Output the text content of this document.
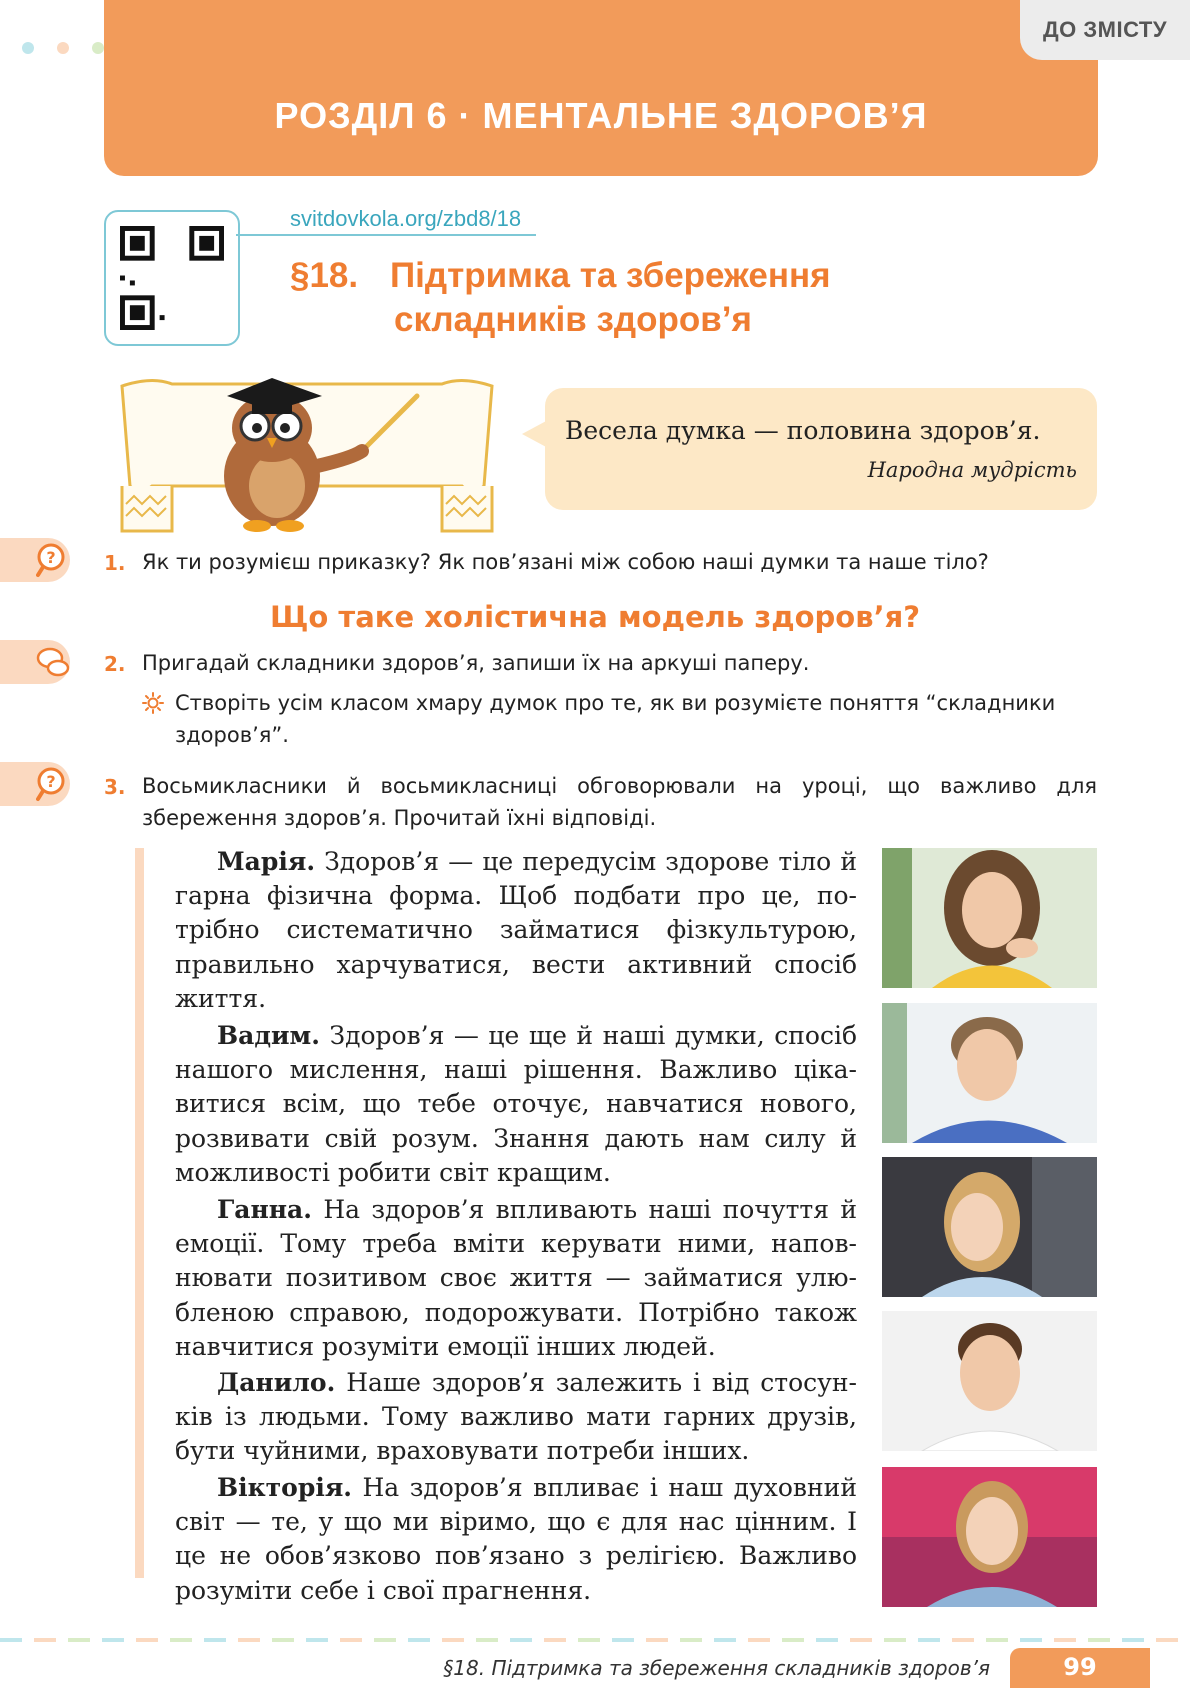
РОЗДІЛ 6 · МЕНТАЛЬНЕ ЗДОРОВ’Я
ДО ЗМІСТУ
svitdovkola.org/zbd8/18
§18. Підтримка та збереження
складників здоров’я
Весела думка — половина здоров’я.
Народна мудрість
? 1. Як ти розумієш приказку? Як пов’язані між собою наші думки та наше тіло?
Що таке холістична модель здоров’я?
2. Пригадай складники здоров’я, запиши їх на аркуші паперу.
Створіть усім класом хмару думок про те, як ви розумієте поняття “складники здоров’я”.
? 3. Восьмикласники й восьмикласниці обговорювали на уроці, що важливо для збереження здоров’я. Прочитай їхні відповіді.
Марія. Здоров’я — це передусім здорове тіло й гарна фізична форма. Щоб подбати про це, потрібно систематично займатися фізкультурою, правильно харчуватися, вести активний спосіб життя.
Вадим. Здоров’я — це ще й наші думки, спосіб нашого мислення, наші рішення. Важливо цікавитися всім, що тебе оточує, навчатися нового, розвивати свій розум. Знання дають нам силу й можливості робити світ кращим.
Ганна. На здоров’я впливають наші почуття й емоції. Тому треба вміти керувати ними, наповнювати позитивом своє життя — займатися улюбленою справою, подорожувати. Потрібно також навчитися розуміти емоції інших людей.
Данило. Наше здоров’я залежить і від стосунків із людьми. Тому важливо мати гарних друзів, бути чуйними, враховувати потреби інших.
Вікторія. На здоров’я впливає і наш духовний світ — те, у що ми віримо, що є для нас цінним. І це не обов’язково пов’язано з релігією. Важливо розуміти себе і свої прагнення.
§18. Підтримка та збереження складників здоров’я	99
